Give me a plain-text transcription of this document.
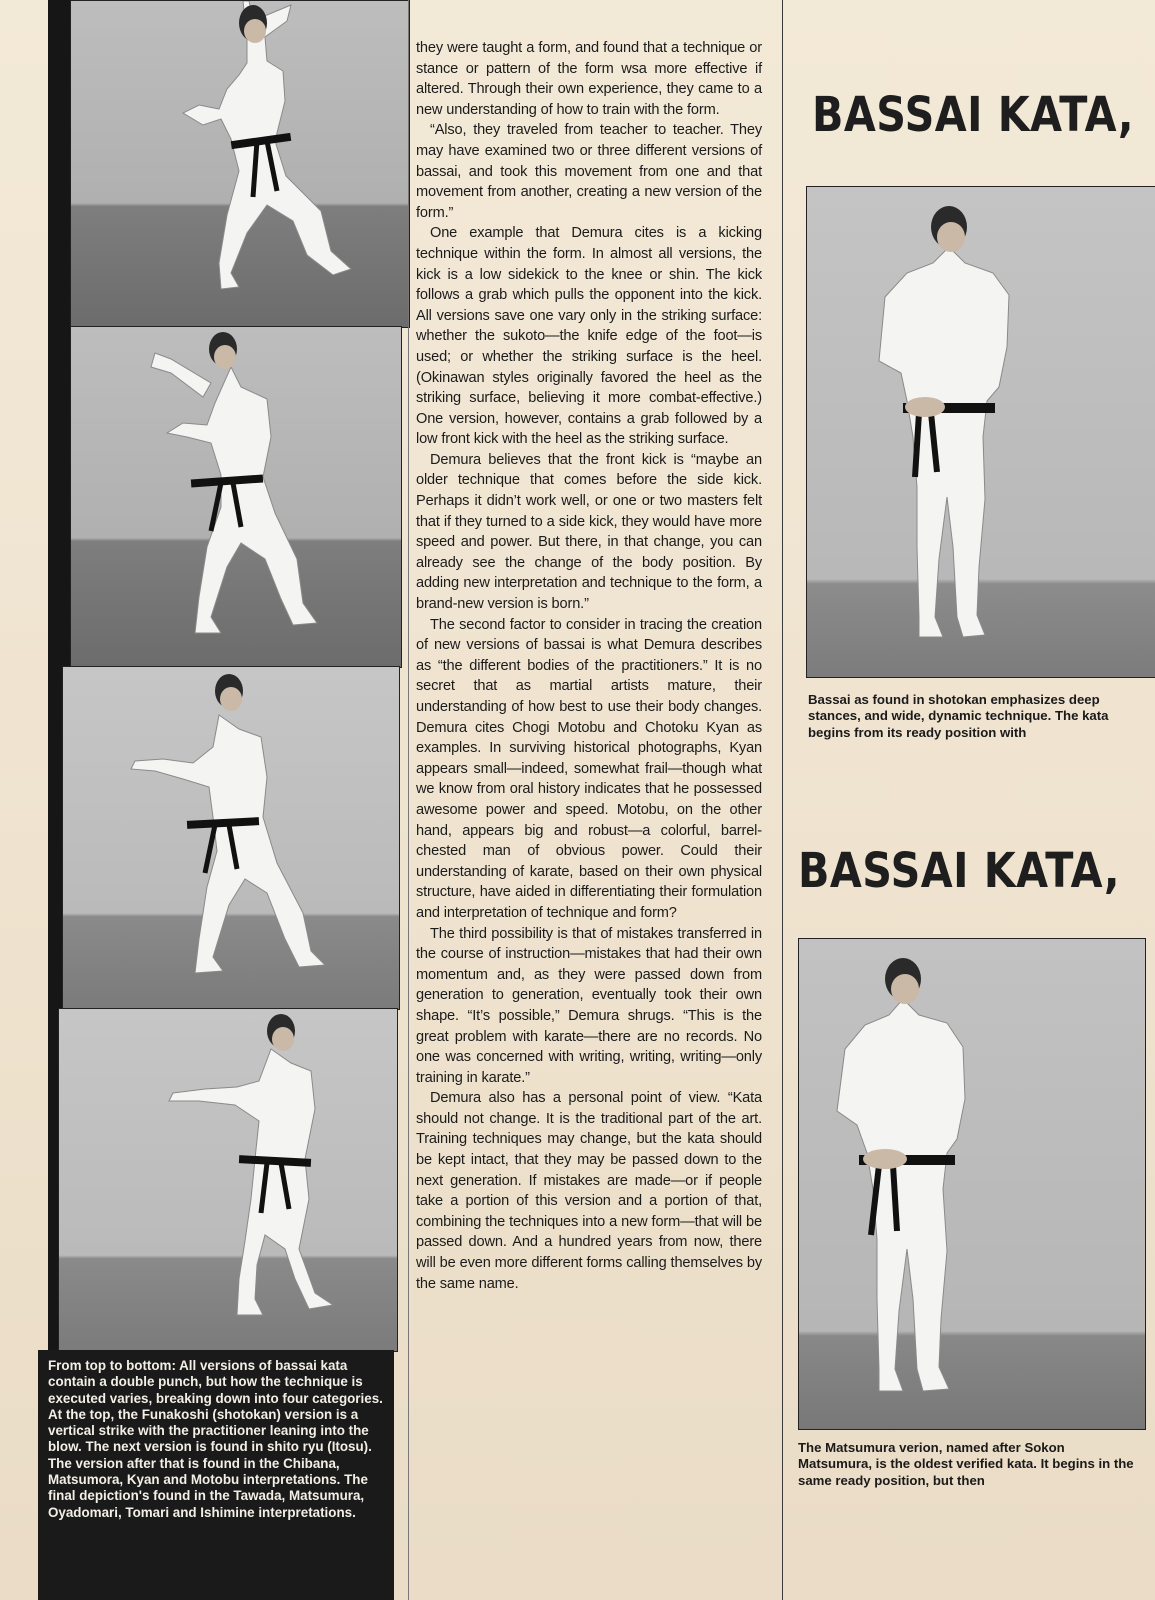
From top to bottom: All versions of bassai kata contain a double punch, but how the technique is executed varies, breaking down into four categories. At the top, the Funakoshi (shotokan) version is a vertical strike with the practitioner leaning into the blow. The next version is found in shito ryu (Itosu). The version after that is found in the Chibana, Matsumora, Kyan and Motobu interpretations. The final depiction's found in the Tawada, Matsumura, Oyadomari, Tomari and Ishimine interpretations.

they were taught a form, and found that a technique or stance or pattern of the form wsa more effective if altered. Through their own experience, they came to a new understanding of how to train with the form.

“Also, they traveled from teacher to teacher. They may have examined two or three different versions of bassai, and took this movement from one and that movement from another, creating a new version of the form.”

One example that Demura cites is a kicking technique within the form. In almost all versions, the kick is a low sidekick to the knee or shin. The kick follows a grab which pulls the opponent into the kick. All versions save one vary only in the striking surface: whether the sukoto—the knife edge of the foot—is used; or whether the striking surface is the heel. (Okinawan styles originally favored the heel as the striking surface, believing it more combat-effective.) One version, however, contains a grab followed by a low front kick with the heel as the striking surface.

Demura believes that the front kick is “maybe an older technique that comes before the side kick. Perhaps it didn’t work well, or one or two masters felt that if they turned to a side kick, they would have more speed and power. But there, in that change, you can already see the change of the body position. By adding new interpretation and technique to the form, a brand-new version is born.”

The second factor to consider in tracing the creation of new versions of bassai is what Demura describes as “the different bodies of the practitioners.” It is no secret that as martial artists mature, their understanding of how best to use their body changes. Demura cites Chogi Motobu and Chotoku Kyan as examples. In surviving historical photographs, Kyan appears small—indeed, somewhat frail—though what we know from oral history indicates that he possessed awesome power and speed. Motobu, on the other hand, appears big and robust—a colorful, barrel-chested man of obvious power. Could their understanding of karate, based on their own physical structure, have aided in differentiating their formulation and interpretation of technique and form?

The third possibility is that of mistakes transferred in the course of instruction—mistakes that had their own momentum and, as they were passed down from generation to generation, eventually took their own shape. “It’s possible,” Demura shrugs. “This is the great problem with karate—there are no records. No one was concerned with writing, writing, writing—only training in karate.”

Demura also has a personal point of view. “Kata should not change. It is the traditional part of the art. Training techniques may change, but the kata should be kept intact, that they may be passed down to the next generation. If mistakes are made—or if people take a portion of this version and a portion of that, combining the techniques into a new form—that will be passed down. And a hundred years from now, there will be even more different forms calling themselves by the same name.

BASSAI KATA,
Bassai as found in shotokan emphasizes deep stances, and wide, dynamic technique. The kata begins from its ready position with
BASSAI KATA,
The Matsumura verion, named after Sokon Matsumura, is the oldest verified kata. It begins in the same ready position, but then
